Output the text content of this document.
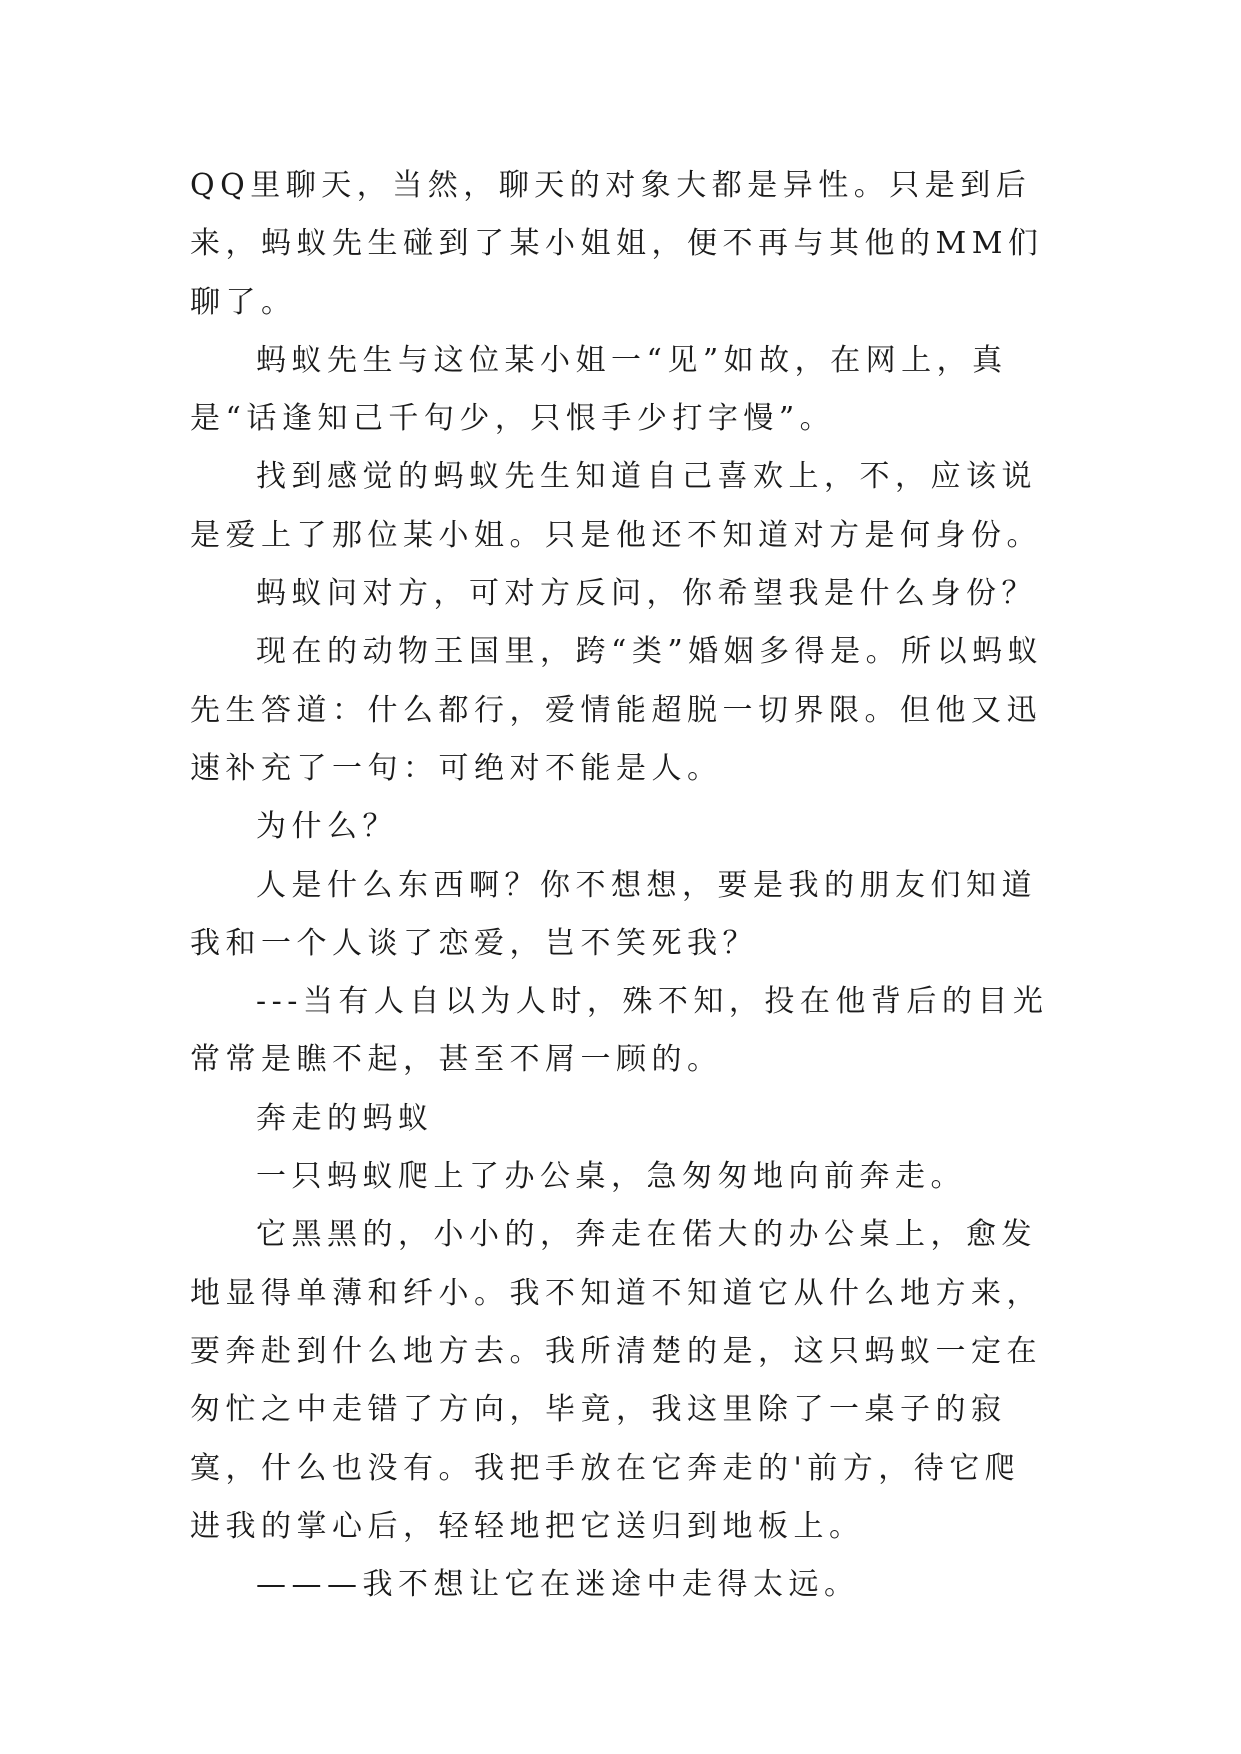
QQ里聊天，当然，聊天的对象大都是异性。只是到后来，蚂蚁先生碰到了某小姐姐，便不再与其他的MM们聊了。

蚂蚁先生与这位某小姐一“见”如故，在网上，真是“话逢知己千句少，只恨手少打字慢”。

找到感觉的蚂蚁先生知道自己喜欢上，不，应该说是爱上了那位某小姐。只是他还不知道对方是何身份。

蚂蚁问对方，可对方反问，你希望我是什么身份？

现在的动物王国里，跨“类”婚姻多得是。所以蚂蚁先生答道：什么都行，爱情能超脱一切界限。但他又迅速补充了一句：可绝对不能是人。

为什么？

人是什么东西啊？你不想想，要是我的朋友们知道我和一个人谈了恋爱，岂不笑死我？

---当有人自以为人时，殊不知，投在他背后的目光常常是瞧不起，甚至不屑一顾的。

奔走的蚂蚁

一只蚂蚁爬上了办公桌，急匆匆地向前奔走。

它黑黑的，小小的，奔走在偌大的办公桌上，愈发地显得单薄和纤小。我不知道不知道它从什么地方来，要奔赴到什么地方去。我所清楚的是，这只蚂蚁一定在匆忙之中走错了方向，毕竟，我这里除了一桌子的寂寞，什么也没有。我把手放在它奔走的'前方，待它爬进我的掌心后，轻轻地把它送归到地板上。

———我不想让它在迷途中走得太远。
